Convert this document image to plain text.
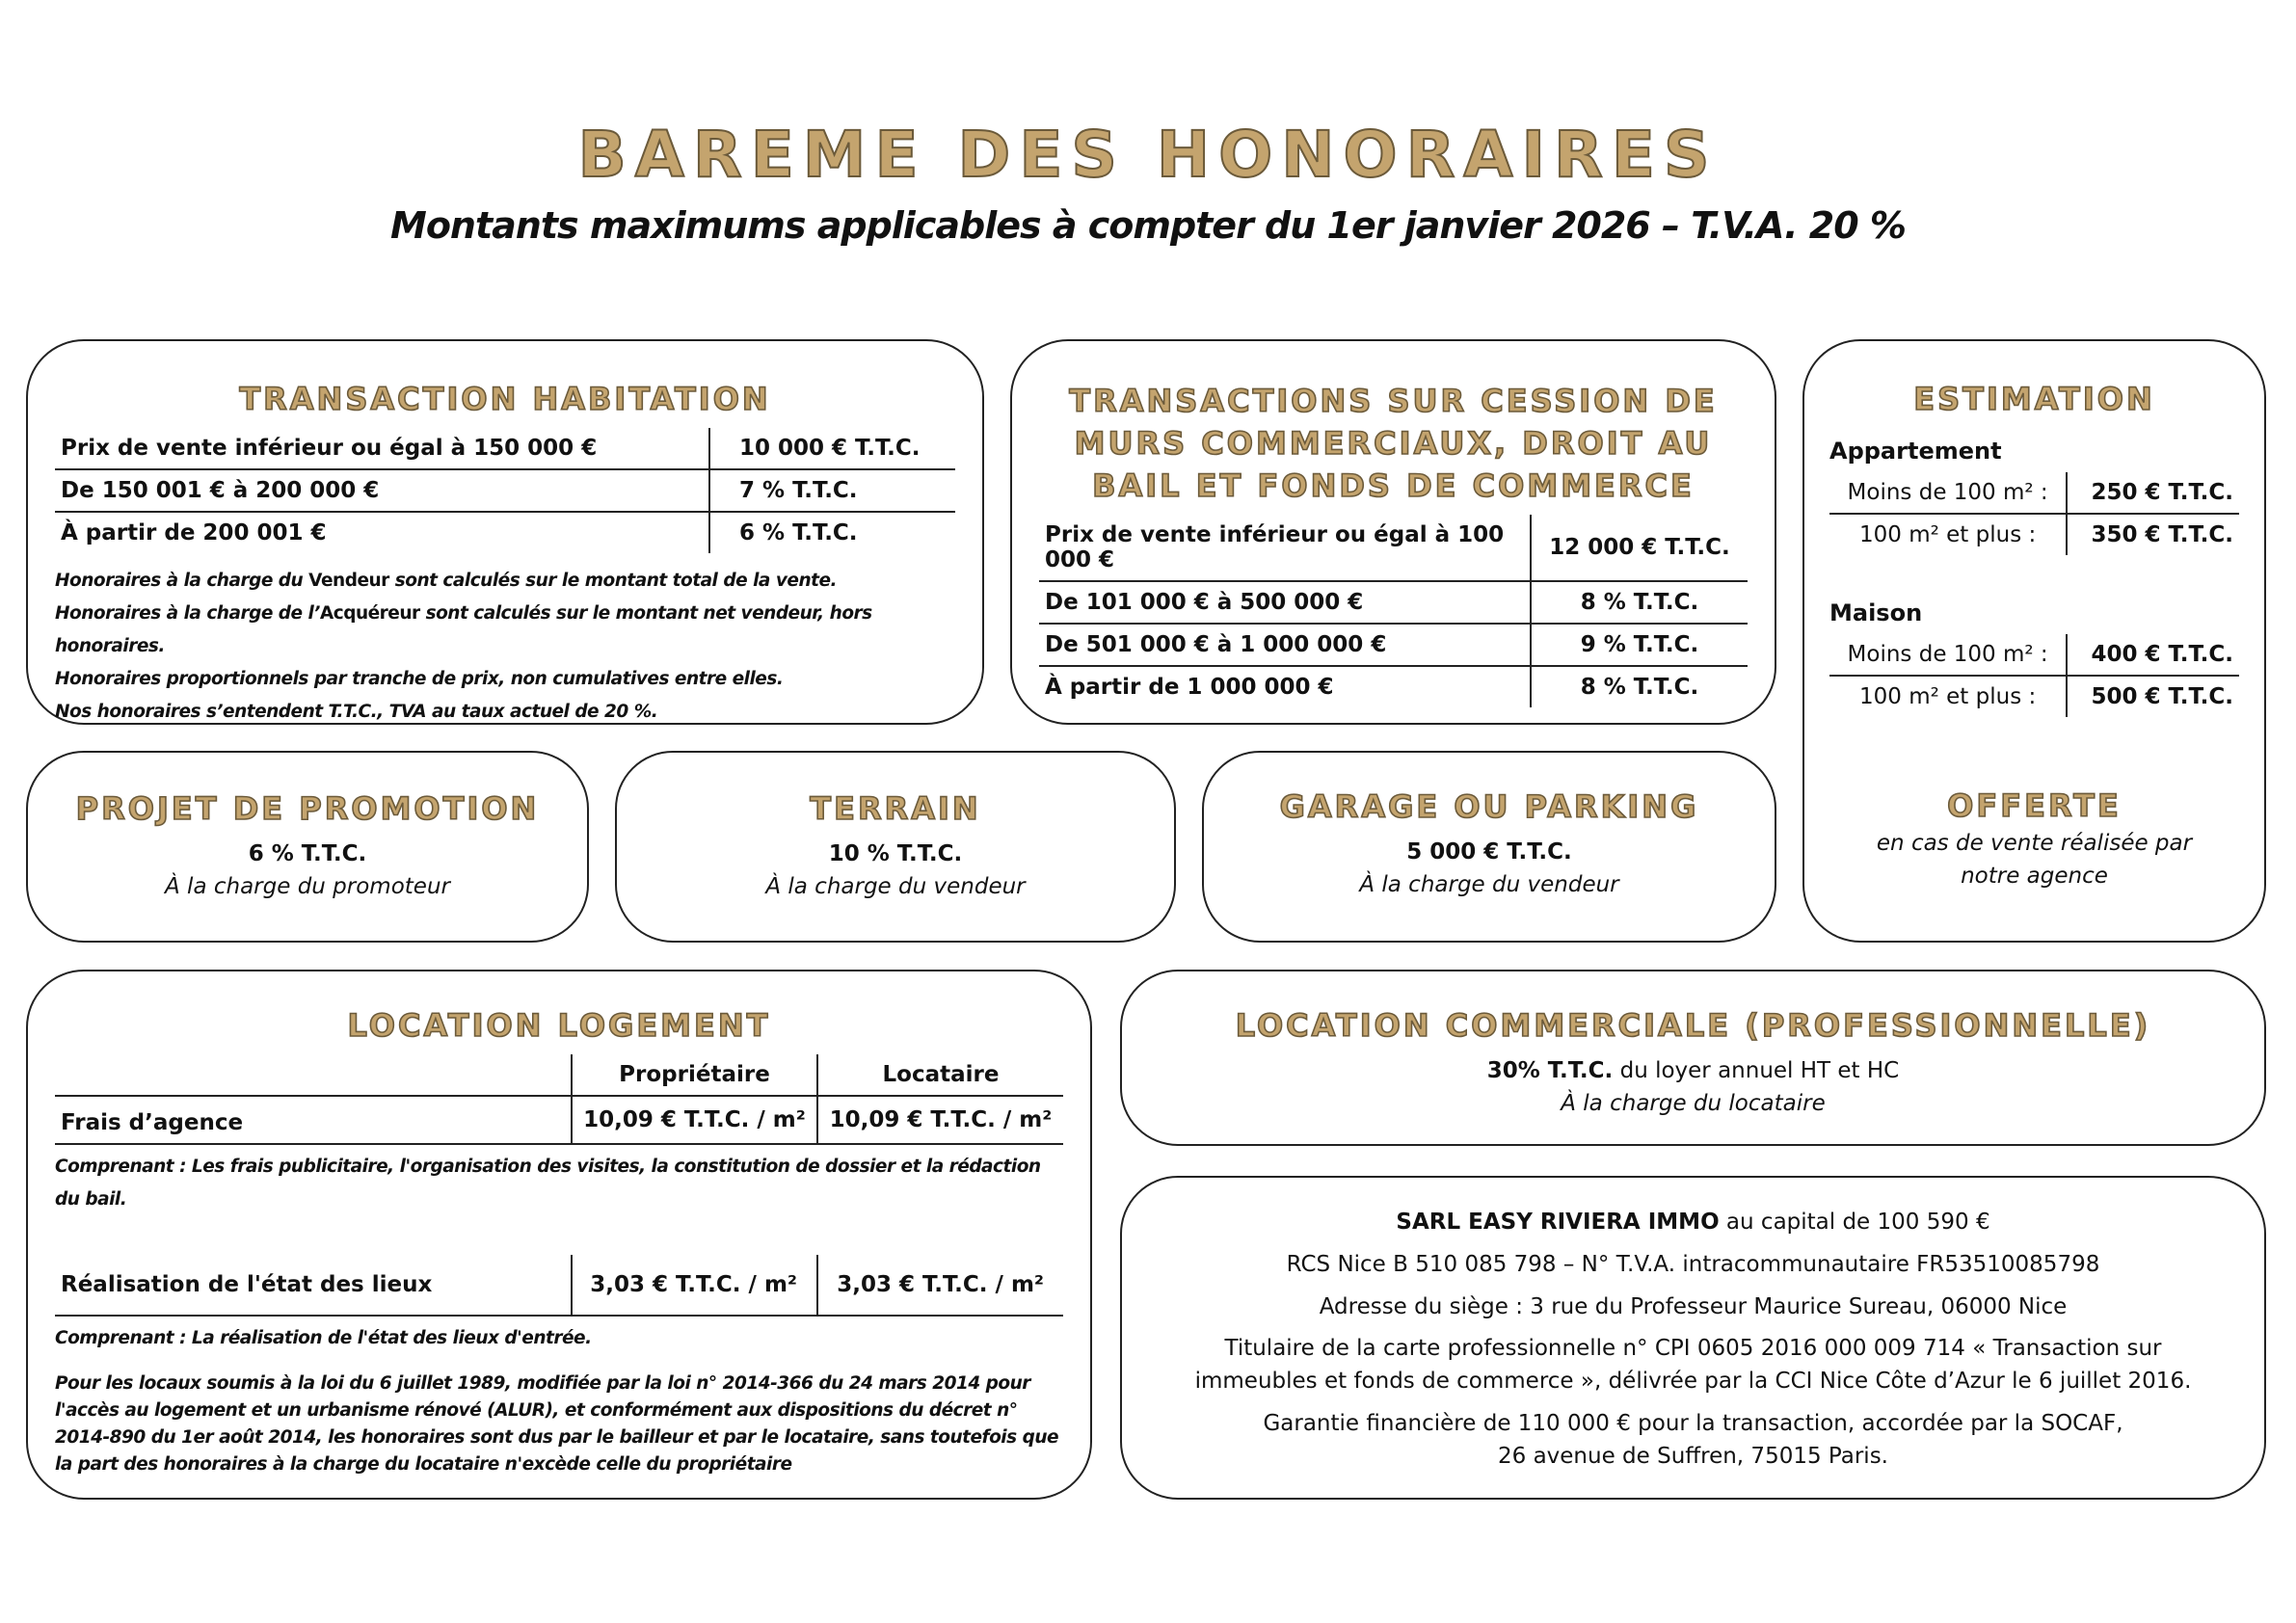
BAREME DES HONORAIRES
Montants maximums applicables à compter du 1er janvier 2026 – T.V.A. 20 %
TRANSACTION HABITATION
Prix de vente inférieur ou égal à 150 000 €	10 000 € T.T.C.
De 150 001 € à 200 000 €	7 % T.T.C.
À partir de 200 001 €	6 % T.T.C.
Honoraires à la charge du Vendeur sont calculés sur le montant total de la vente.
Honoraires à la charge de l’Acquéreur sont calculés sur le montant net vendeur, hors honoraires.
Honoraires proportionnels par tranche de prix, non cumulatives entre elles.
Nos honoraires s’entendent T.T.C., TVA au taux actuel de 20 %.
TRANSACTIONS SUR CESSION DE MURS COMMERCIAUX, DROIT AU BAIL ET FONDS DE COMMERCE
Prix de vente inférieur ou égal à 100 000 €	12 000 € T.T.C.
De 101 000 € à 500 000 €	8 % T.T.C.
De 501 000 € à 1 000 000 €	9 % T.T.C.
À partir de 1 000 000 €	8 % T.T.C.
ESTIMATION
Appartement
Moins de 100 m² :	250 € T.T.C.
100 m² et plus :	350 € T.T.C.
Maison
Moins de 100 m² :	400 € T.T.C.
100 m² et plus :	500 € T.T.C.
OFFERTE
en cas de vente réalisée par notre agence
PROJET DE PROMOTION
6 % T.T.C.
À la charge du promoteur
TERRAIN
10 % T.T.C.
À la charge du vendeur
GARAGE OU PARKING
5 000 € T.T.C.
À la charge du vendeur
LOCATION LOGEMENT
	Propriétaire	Locataire
Frais d’agence	10,09 € T.T.C. / m²	10,09 € T.T.C. / m²
Comprenant : Les frais publicitaire, l'organisation des visites, la constitution de dossier et la rédaction du bail.
Réalisation de l'état des lieux	3,03 € T.T.C. / m²	3,03 € T.T.C. / m²
Comprenant : La réalisation de l'état des lieux d'entrée.
Pour les locaux soumis à la loi du 6 juillet 1989, modifiée par la loi n° 2014-366 du 24 mars 2014 pour l'accès au logement et un urbanisme rénové (ALUR), et conformément aux dispositions du décret n° 2014-890 du 1er août 2014, les honoraires sont dus par le bailleur et par le locataire, sans toutefois que la part des honoraires à la charge du locataire n'excède celle du propriétaire
LOCATION COMMERCIALE (PROFESSIONNELLE)
30% T.T.C. du loyer annuel HT et HC
À la charge du locataire
SARL EASY RIVIERA IMMO au capital de 100 590 €
RCS Nice B 510 085 798 – N° T.V.A. intracommunautaire FR53510085798
Adresse du siège : 3 rue du Professeur Maurice Sureau, 06000 Nice
Titulaire de la carte professionnelle n° CPI 0605 2016 000 009 714 « Transaction sur immeubles et fonds de commerce », délivrée par la CCI Nice Côte d’Azur le 6 juillet 2016.
Garantie financière de 110 000 € pour la transaction, accordée par la SOCAF,
26 avenue de Suffren, 75015 Paris.
